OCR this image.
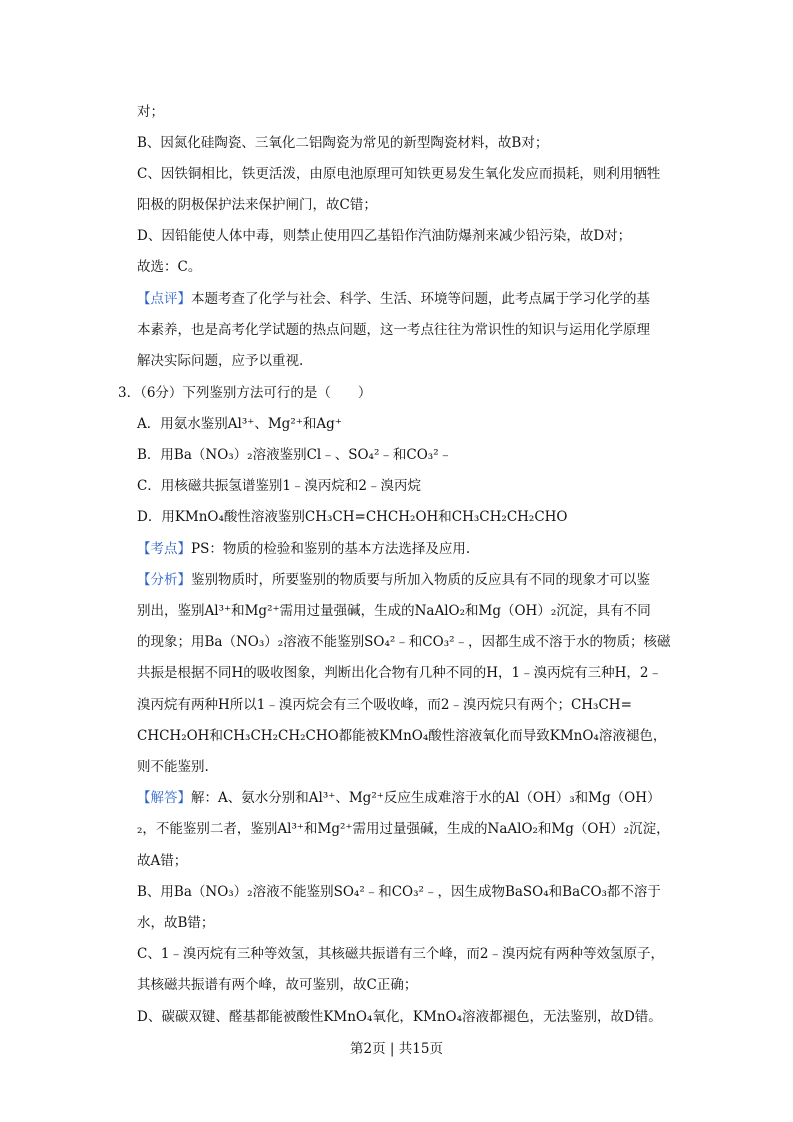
对；
B、因氮化硅陶瓷、三氧化二铝陶瓷为常见的新型陶瓷材料，故B对；
C、因铁铜相比，铁更活泼，由原电池原理可知铁更易发生氧化发应而损耗，则利用牺牲
阳极的阴极保护法来保护闸门，故C错；
D、因铅能使人体中毒，则禁止使用四乙基铅作汽油防爆剂来减少铅污染，故D对；
故选：C。
【点评】本题考查了化学与社会、科学、生活、环境等问题，此考点属于学习化学的基
本素养，也是高考化学试题的热点问题，这一考点往往为常识性的知识与运用化学原理
解决实际问题，应予以重视.
3．（6分）下列鉴别方法可行的是（　　）
A．用氨水鉴别Al³⁺、Mg²⁺和Ag⁺
B．用Ba（NO₃）₂溶液鉴别Cl﹣、SO₄²﹣和CO₃²﹣
C．用核磁共振氢谱鉴别1﹣溴丙烷和2﹣溴丙烷
D．用KMnO₄酸性溶液鉴别CH₃CH=CHCH₂OH和CH₃CH₂CH₂CHO
【考点】PS：物质的检验和鉴别的基本方法选择及应用.
【分析】鉴别物质时，所要鉴别的物质要与所加入物质的反应具有不同的现象才可以鉴
别出，鉴别Al³⁺和Mg²⁺需用过量强碱，生成的NaAlO₂和Mg（OH）₂沉淀，具有不同
的现象；用Ba（NO₃）₂溶液不能鉴别SO₄²﹣和CO₃²﹣，因都生成不溶于水的物质；核磁
共振是根据不同H的吸收图象，判断出化合物有几种不同的H，1﹣溴丙烷有三种H，2﹣
溴丙烷有两种H所以1﹣溴丙烷会有三个吸收峰，而2﹣溴丙烷只有两个；CH₃CH=
CHCH₂OH和CH₃CH₂CH₂CHO都能被KMnO₄酸性溶液氧化而导致KMnO₄溶液褪色，
则不能鉴别.
【解答】解：A、氨水分别和Al³⁺、Mg²⁺反应生成难溶于水的Al（OH）₃和Mg（OH）
₂，不能鉴别二者，鉴别Al³⁺和Mg²⁺需用过量强碱，生成的NaAlO₂和Mg（OH）₂沉淀，
故A错；
B、用Ba（NO₃）₂溶液不能鉴别SO₄²﹣和CO₃²﹣，因生成物BaSO₄和BaCO₃都不溶于
水，故B错；
C、1﹣溴丙烷有三种等效氢，其核磁共振谱有三个峰，而2﹣溴丙烷有两种等效氢原子，
其核磁共振谱有两个峰，故可鉴别，故C正确；
D、碳碳双键、醛基都能被酸性KMnO₄氧化，KMnO₄溶液都褪色，无法鉴别，故D错。
第2页 | 共15页
